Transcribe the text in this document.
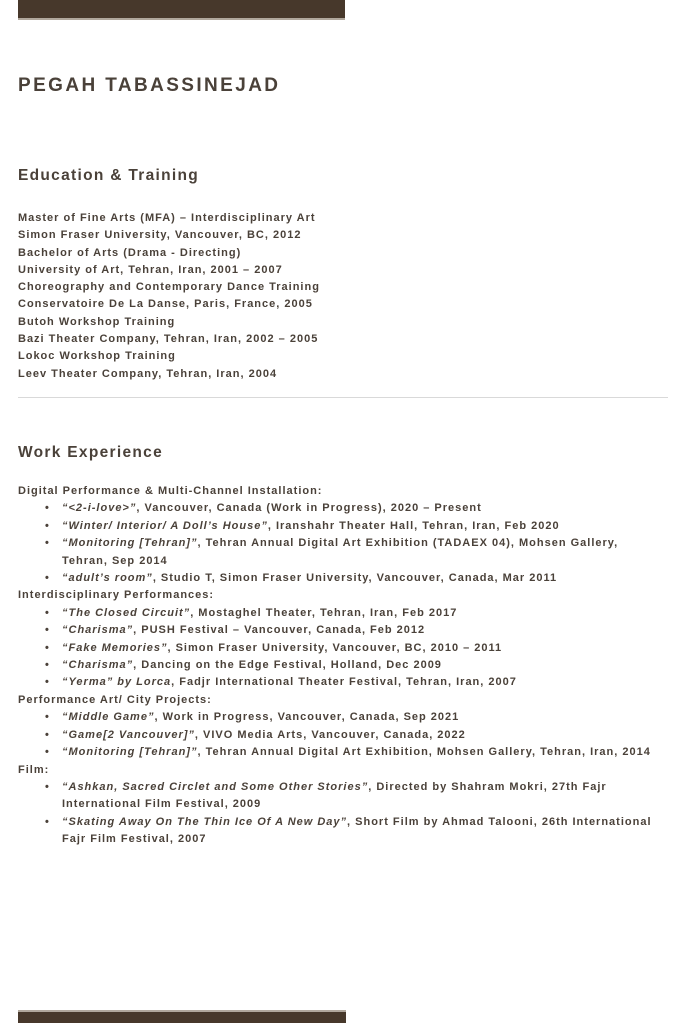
PEGAH TABASSINEJAD
Education & Training
Master of Fine Arts (MFA) – Interdisciplinary Art
Simon Fraser University, Vancouver, BC, 2012
Bachelor of Arts (Drama - Directing)
University of Art, Tehran, Iran, 2001 – 2007
Choreography and Contemporary Dance Training
Conservatoire De La Danse, Paris, France, 2005
Butoh Workshop Training
Bazi Theater Company, Tehran, Iran, 2002 – 2005
Lokoc Workshop Training
Leev Theater Company, Tehran, Iran, 2004
Work Experience
Digital Performance & Multi-Channel Installation:
• “<2-i-love>”, Vancouver, Canada (Work in Progress), 2020 – Present
• “Winter/ Interior/ A Doll’s House”, Iranshahr Theater Hall, Tehran, Iran, Feb 2020
• “Monitoring [Tehran]”, Tehran Annual Digital Art Exhibition (TADAEX 04), Mohsen Gallery, Tehran, Sep 2014
• “adult’s room”, Studio T, Simon Fraser University, Vancouver, Canada, Mar 2011
Interdisciplinary Performances:
• “The Closed Circuit”, Mostaghel Theater, Tehran, Iran, Feb 2017
• “Charisma”, PUSH Festival – Vancouver, Canada, Feb 2012
• “Fake Memories”, Simon Fraser University, Vancouver, BC, 2010 – 2011
• “Charisma”, Dancing on the Edge Festival, Holland, Dec 2009
• “Yerma” by Lorca, Fadjr International Theater Festival, Tehran, Iran, 2007
Performance Art/ City Projects:
• “Middle Game”, Work in Progress, Vancouver, Canada, Sep 2021
• “Game[2 Vancouver]”, VIVO Media Arts, Vancouver, Canada, 2022
• “Monitoring [Tehran]”, Tehran Annual Digital Art Exhibition, Mohsen Gallery, Tehran, Iran, 2014
Film:
• “Ashkan, Sacred Circlet and Some Other Stories”, Directed by Shahram Mokri, 27th Fajr International Film Festival, 2009
• “Skating Away On The Thin Ice Of A New Day”, Short Film by Ahmad Talooni, 26th International Fajr Film Festival, 2007
